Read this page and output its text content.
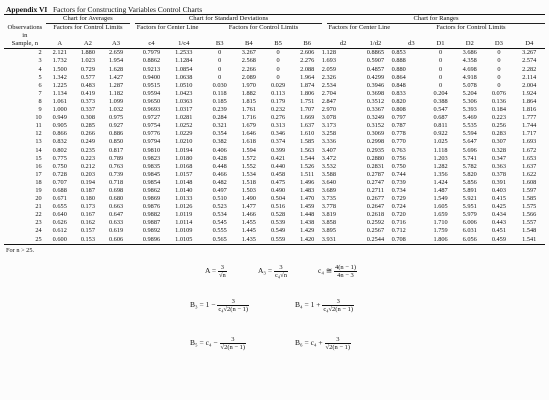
Appendix VI Factors for Constructing Variables Control Charts
	Chart for Averages				Chart for Standard Deviations								Chart for Ranges							
Observations	Factors for Control Limits				Factors for Center Line			Factors for Control Limits					Factors for Center Line			Factors for Control Limits				
in																				
Sample, n	A	A2	A3		c4	1/c4		B3	B4	B5	B6		d2	1/d2		d3	D1	D2	D3	D4
2	2.121	1.880	2.659		0.7979	1.2533		0	3.267	0	2.606	1.128		0.8865	0.853		0	3.686	0	3.267
3	1.732	1.023	1.954		0.8862	1.1284		0	2.568	0	2.276	1.693		0.5907	0.888		0	4.358	0	2.574
4	1.500	0.729	1.628		0.9213	1.0854		0	2.266	0	2.088	2.059		0.4857	0.880		0	4.698	0	2.282
5	1.342	0.577	1.427		0.9400	1.0638		0	2.089	0	1.964	2.326		0.4299	0.864		0	4.918	0	2.114
6	1.225	0.483	1.287		0.9515	1.0510		0.030	1.970	0.029	1.874	2.534		0.3946	0.848		0	5.078	0	2.004
7	1.134	0.419	1.182		0.9594	1.0423		0.118	1.882	0.113	1.806	2.704		0.3698	0.833		0.204	5.204	0.076	1.924
8	1.061	0.373	1.099		0.9650	1.0363		0.185	1.815	0.179	1.751	2.847		0.3512	0.820		0.388	5.306	0.136	1.864
9	1.000	0.337	1.032		0.9693	1.0317		0.239	1.761	0.232	1.707	2.970		0.3367	0.808		0.547	5.393	0.184	1.816
10	0.949	0.308	0.975		0.9727	1.0281		0.284	1.716	0.276	1.669	3.078		0.3249	0.797		0.687	5.469	0.223	1.777
11	0.905	0.285	0.927		0.9754	1.0252		0.321	1.679	0.313	1.637	3.173		0.3152	0.787		0.811	5.535	0.256	1.744
12	0.866	0.266	0.886		0.9776	1.0229		0.354	1.646	0.346	1.610	3.258		0.3069	0.778		0.922	5.594	0.283	1.717
13	0.832	0.249	0.850		0.9794	1.0210		0.382	1.618	0.374	1.585	3.336		0.2998	0.770		1.025	5.647	0.307	1.693
14	0.802	0.235	0.817		0.9810	1.0194		0.406	1.594	0.399	1.563	3.407		0.2935	0.763		1.118	5.696	0.328	1.672
15	0.775	0.223	0.789		0.9823	1.0180		0.428	1.572	0.421	1.544	3.472		0.2880	0.756		1.203	5.741	0.347	1.653
16	0.750	0.212	0.763		0.9835	1.0168		0.448	1.552	0.440	1.526	3.532		0.2831	0.750		1.282	5.782	0.363	1.637
17	0.728	0.203	0.739		0.9845	1.0157		0.466	1.534	0.458	1.511	3.588		0.2787	0.744		1.356	5.820	0.378	1.622
18	0.707	0.194	0.718		0.9854	1.0148		0.482	1.518	0.475	1.496	3.640		0.2747	0.739		1.424	5.856	0.391	1.608
19	0.688	0.187	0.698		0.9862	1.0140		0.497	1.503	0.490	1.483	3.689		0.2711	0.734		1.487	5.891	0.403	1.597
20	0.671	0.180	0.680		0.9869	1.0133		0.510	1.490	0.504	1.470	3.735		0.2677	0.729		1.549	5.921	0.415	1.585
21	0.655	0.173	0.663		0.9876	1.0126		0.523	1.477	0.516	1.459	3.778		0.2647	0.724		1.605	5.951	0.425	1.575
22	0.640	0.167	0.647		0.9882	1.0119		0.534	1.466	0.528	1.448	3.819		0.2618	0.720		1.659	5.979	0.434	1.566
23	0.626	0.162	0.633		0.9887	1.0114		0.545	1.455	0.539	1.438	3.858		0.2592	0.716		1.710	6.006	0.443	1.557
24	0.612	0.157	0.619		0.9892	1.0109		0.555	1.445	0.549	1.429	3.895		0.2567	0.712		1.759	6.031	0.451	1.548
25	0.600	0.153	0.606		0.9896	1.0105		0.565	1.435	0.559	1.420	3.931		0.2544	0.708		1.806	6.056	0.459	1.541
For n > 25.
$A = \frac{3}{√n}$	$A_3 = \frac{3}{\text{c₄√n}}$	c₄ ≅ $\frac{4(n - 1)}{4n - 3}$
$B_3 = 1 - \frac{3}{\text{c₄√2(n − 1)}}$	$B_4 = 1 + \frac{3}{\text{c₄√2(n − 1)}}$
$B_5 = c_4 - \frac{3}{√2(n - 1)}$	$B_6 = c_4 + \frac{3}{√2(n - 1)}$
